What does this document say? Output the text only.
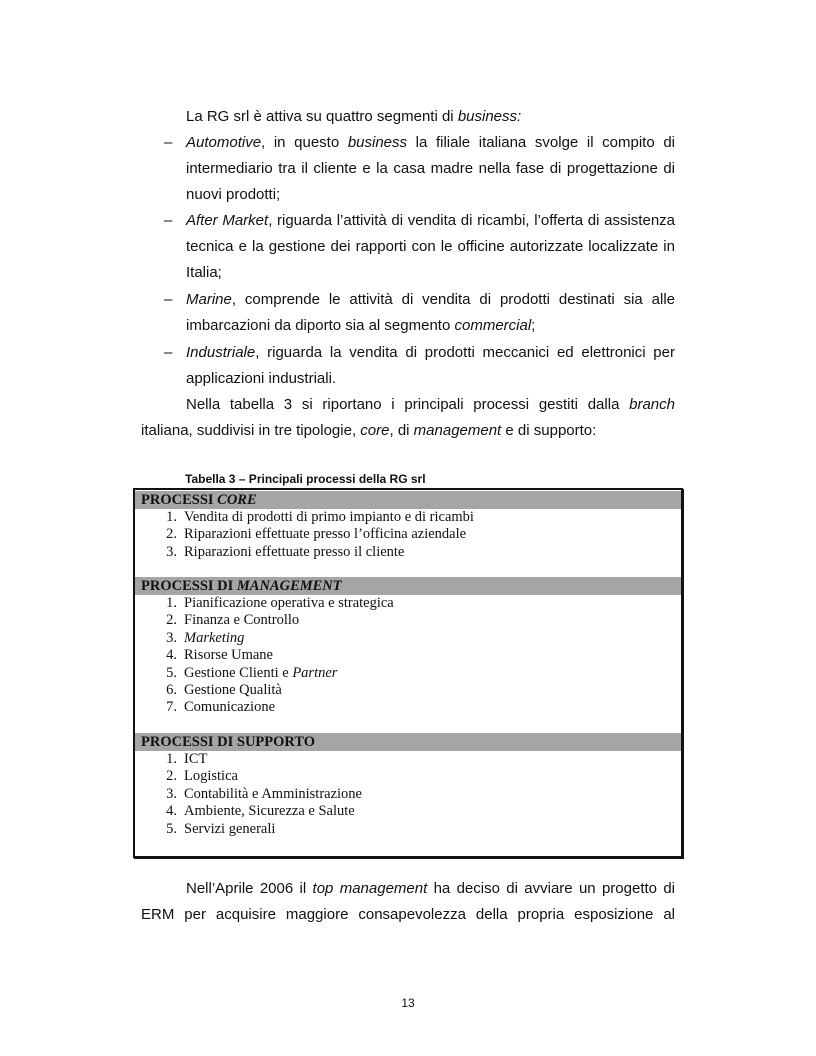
La RG srl è attiva su quattro segmenti di business:
– Automotive, in questo business la filiale italiana svolge il compito di intermediario tra il cliente e la casa madre nella fase di progettazione di nuovi prodotti;
– After Market, riguarda l’attività di vendita di ricambi, l’offerta di assistenza tecnica e la gestione dei rapporti con le officine autorizzate localizzate in Italia;
– Marine, comprende le attività di vendita di prodotti destinati sia alle imbarcazioni da diporto sia al segmento commercial;
– Industriale, riguarda la vendita di prodotti meccanici ed elettronici per applicazioni industriali.
Nella tabella 3 si riportano i principali processi gestiti dalla branch italiana, suddivisi in tre tipologie, core, di management e di supporto:
Tabella 3 – Principali processi della RG srl
PROCESSI CORE
1. Vendita di prodotti di primo impianto e di ricambi
2. Riparazioni effettuate presso l’officina aziendale
3. Riparazioni effettuate presso il cliente
PROCESSI DI MANAGEMENT
1. Pianificazione operativa e strategica
2. Finanza e Controllo
3. Marketing
4. Risorse Umane
5. Gestione Clienti e Partner
6. Gestione Qualità
7. Comunicazione
PROCESSI DI SUPPORTO
1. ICT
2. Logistica
3. Contabilità e Amministrazione
4. Ambiente, Sicurezza e Salute
5. Servizi generali
Nell’Aprile 2006 il top management ha deciso di avviare un progetto di ERM per acquisire maggiore consapevolezza della propria esposizione al
13
